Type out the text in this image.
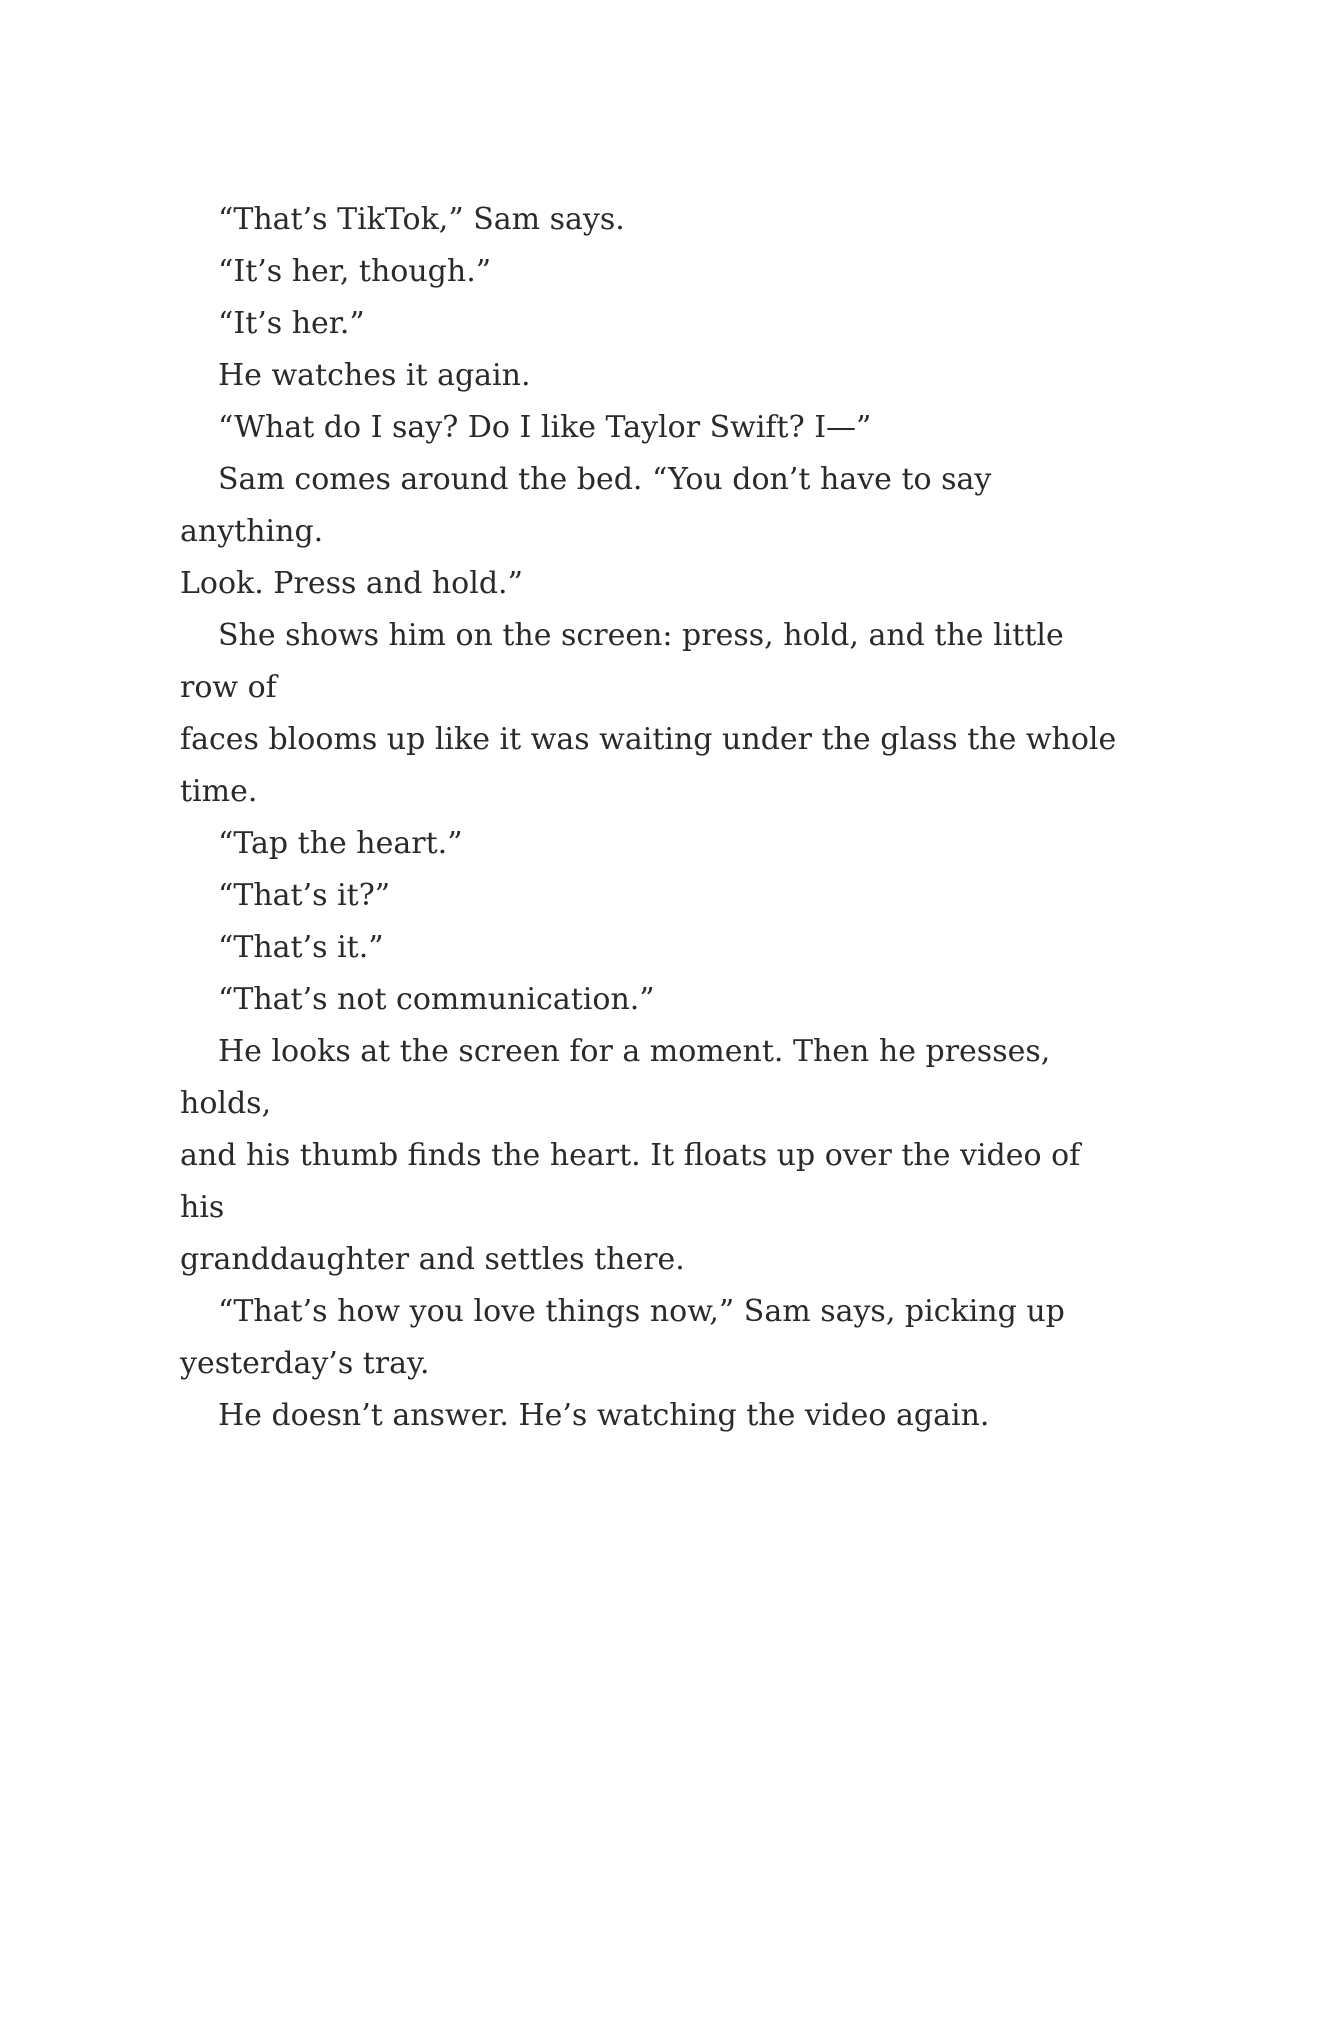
“That’s TikTok,” Sam says.

“It’s her, though.”

“It’s her.”

He watches it again.

“What do I say? Do I like Taylor Swift? I—”

Sam comes around the bed. “You don’t have to say anything.
Look. Press and hold.”

She shows him on the screen: press, hold, and the little row of
faces blooms up like it was waiting under the glass the whole time.

“Tap the heart.”

“That’s it?”

“That’s it.”

“That’s not communication.”

He looks at the screen for a moment. Then he presses, holds,
and his thumb finds the heart. It floats up over the video of his
granddaughter and settles there.

“That’s how you love things now,” Sam says, picking up
yesterday’s tray.

He doesn’t answer. He’s watching the video again.
